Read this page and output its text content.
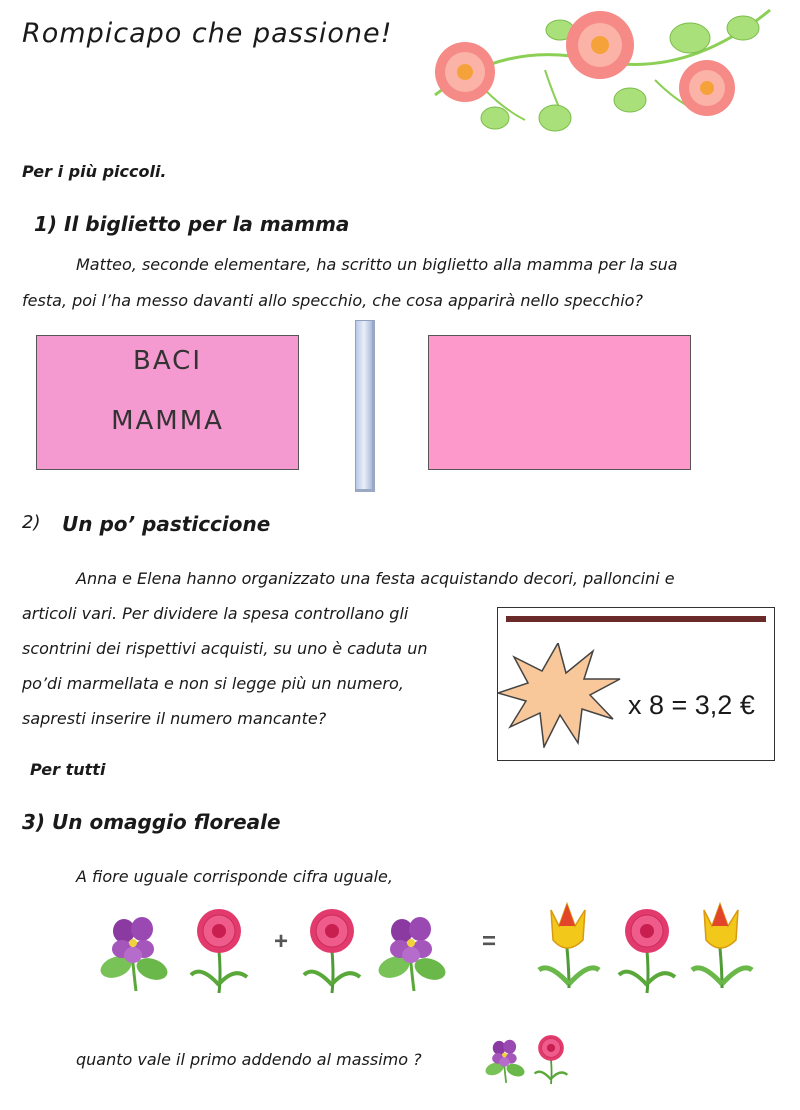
Rompicapo che passione!
Per i più piccoli.
1) Il biglietto per la mamma
Matteo, seconde elementare, ha scritto un biglietto alla mamma per la sua
festa, poi l’ha messo davanti allo specchio, che cosa apparirà nello specchio?
BACI
MAMMA
2) Un po’ pasticcione
Anna e Elena hanno organizzato una festa acquistando decori, palloncini e
articoli vari. Per dividere la spesa controllano gli
scontrini dei rispettivi acquisti, su uno è caduta un
po’di marmellata e non si legge più un numero,
sapresti inserire il numero mancante?	x 8 = 3,2 €
Per tutti
3) Un omaggio floreale
A fiore uguale corrisponde cifra uguale,
+	=
quanto vale il primo addendo al massimo ?
